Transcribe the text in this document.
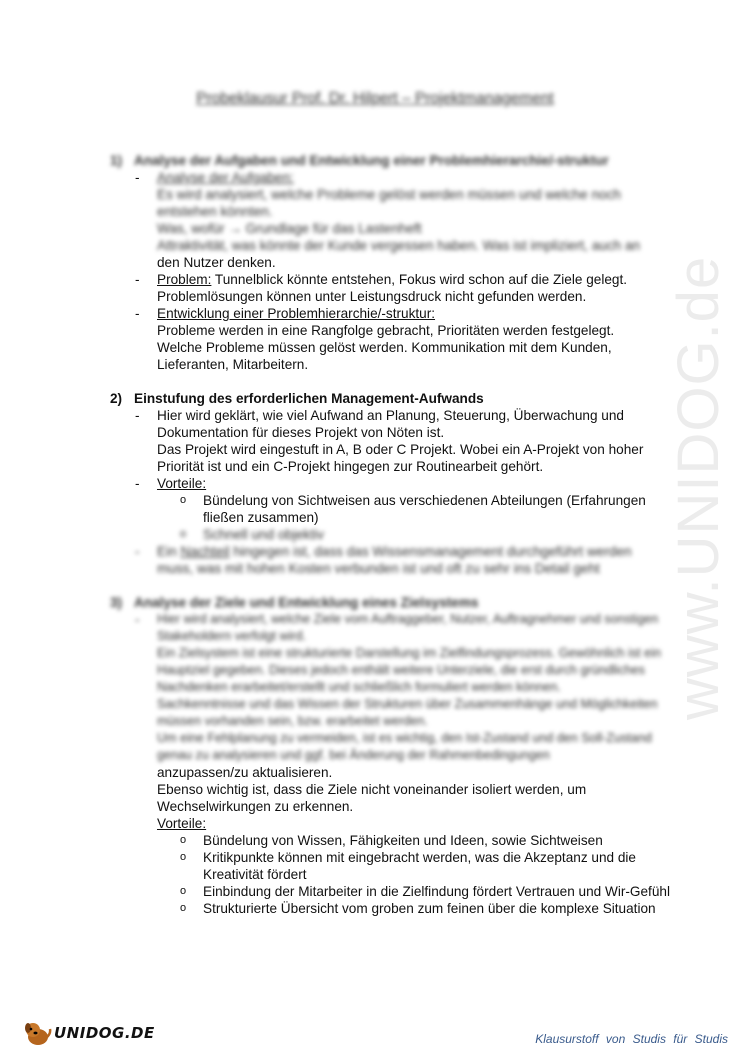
www.UNIDOG.de
Probeklausur Prof. Dr. Hilpert – Projektmanagement
1) Analyse der Aufgaben und Entwicklung einer Problemhierarchie/-struktur
- Analyse der Aufgaben:
Es wird analysiert, welche Probleme gelöst werden müssen und welche noch entstehen könnten.
Was, wofür → Grundlage für das Lastenheft
Attraktivität, was könnte der Kunde vergessen haben. Was ist impliziert, auch an
den Nutzer denken.
- Problem: Tunnelblick könnte entstehen, Fokus wird schon auf die Ziele gelegt.
Problemlösungen können unter Leistungsdruck nicht gefunden werden.
- Entwicklung einer Problemhierarchie/-struktur:
Probleme werden in eine Rangfolge gebracht, Prioritäten werden festgelegt.
Welche Probleme müssen gelöst werden. Kommunikation mit dem Kunden, Lieferanten, Mitarbeitern.
2) Einstufung des erforderlichen Management-Aufwands
- Hier wird geklärt, wie viel Aufwand an Planung, Steuerung, Überwachung und Dokumentation für dieses Projekt von Nöten ist.
Das Projekt wird eingestuft in A, B oder C Projekt. Wobei ein A-Projekt von hoher Priorität ist und ein C-Projekt hingegen zur Routinearbeit gehört.
- Vorteile:
o Bündelung von Sichtweisen aus verschiedenen Abteilungen (Erfahrungen fließen zusammen)
o Schnell und objektiv
- Ein Nachteil hingegen ist, dass das Wissensmanagement durchgeführt werden muss, was mit hohen Kosten verbunden ist und oft zu sehr ins Detail geht
3) Analyse der Ziele und Entwicklung eines Zielsystems
- Hier wird analysiert, welche Ziele vom Auftraggeber, Nutzer, Auftragnehmer und sonstigen Stakeholdern verfolgt wird.
Ein Zielsystem ist eine strukturierte Darstellung im Zielfindungsprozess. Gewöhnlich ist ein Hauptziel gegeben. Dieses jedoch enthält weitere Unterziele, die erst durch gründliches Nachdenken erarbeitet/erstellt und schließlich formuliert werden können.
Sachkenntnisse und das Wissen der Strukturen über Zusammenhänge und Möglichkeiten müssen vorhanden sein, bzw. erarbeitet werden.
Um eine Fehlplanung zu vermeiden, ist es wichtig, den Ist-Zustand und den Soll-Zustand genau zu analysieren und ggf. bei Änderung der Rahmenbedingungen
anzupassen/zu aktualisieren.
Ebenso wichtig ist, dass die Ziele nicht voneinander isoliert werden, um Wechselwirkungen zu erkennen.
Vorteile:
o Bündelung von Wissen, Fähigkeiten und Ideen, sowie Sichtweisen
o Kritikpunkte können mit eingebracht werden, was die Akzeptanz und die Kreativität fördert
o Einbindung der Mitarbeiter in die Zielfindung fördert Vertrauen und Wir-Gefühl
o Strukturierte Übersicht vom groben zum feinen über die komplexe Situation
UNIDOG.DE	Klausurstoff von Studis für Studis
